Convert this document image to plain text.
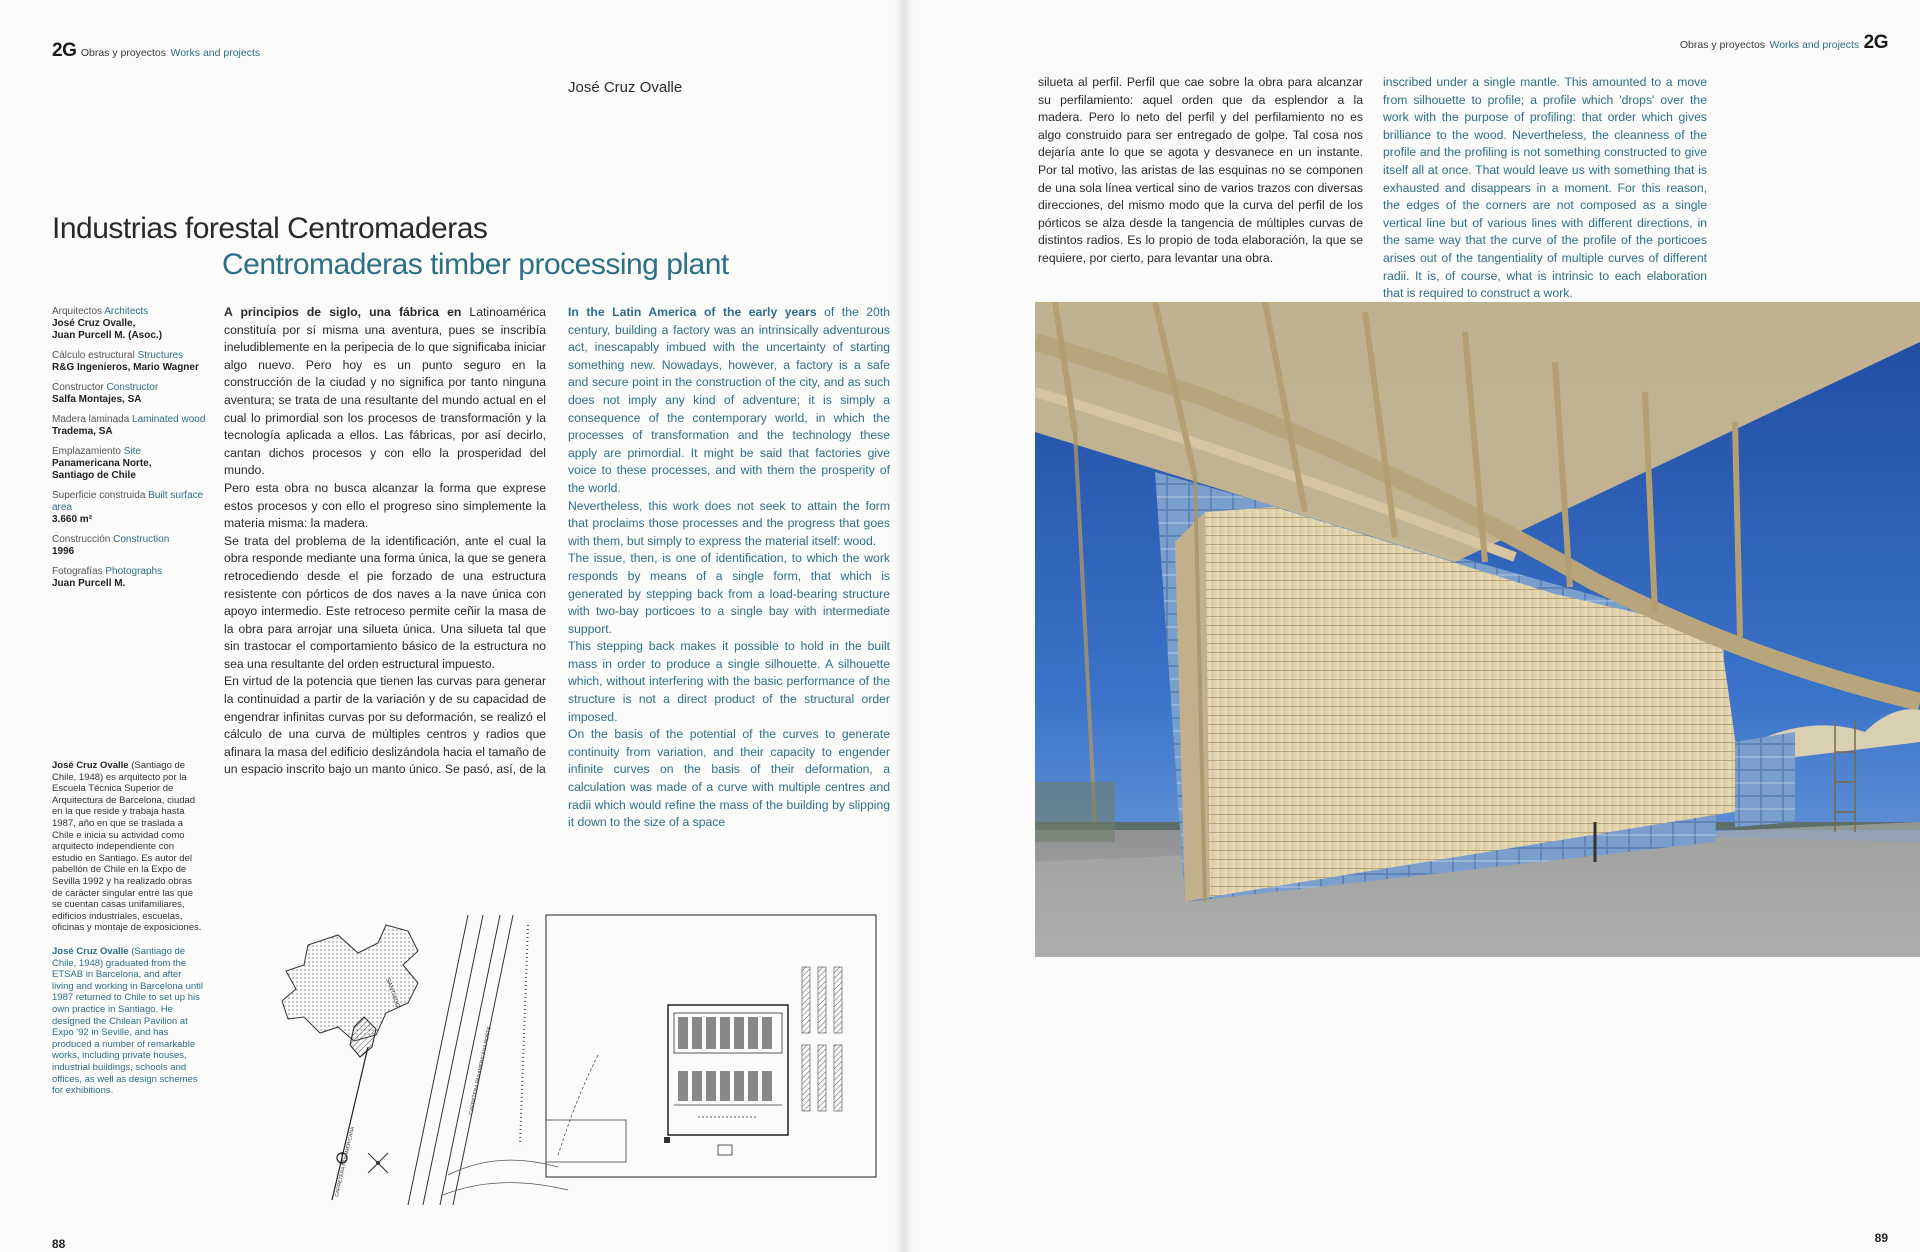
2G Obras y proyectos Works and projects
José Cruz Ovalle
Industrias forestal Centromaderas
Centromaderas timber processing plant
Arquitectos Architects
José Cruz Ovalle,
Juan Purcell M. (Asoc.)
Cálculo estructural Structures
R&G Ingenieros, Mario Wagner
Constructor Constructor
Salfa Montajes, SA
Madera laminada Laminated wood
Tradema, SA
Emplazamiento Site
Panamericana Norte,
Santiago de Chile
Superficie construida Built surface area
3.660 m²
Construcción Construction
1996
Fotografías Photographs
Juan Purcell M.
José Cruz Ovalle (Santiago de Chile, 1948) es arquitecto por la Escuela Técnica Superior de Arquitectura de Barcelona, ciudad en la que reside y trabaja hasta 1987, año en que se traslada a Chile e inicia su actividad como arquitecto independiente con estudio en Santiago. Es autor del pabellón de Chile en la Expo de Sevilla 1992 y ha realizado obras de carácter singular entre las que se cuentan casas unifamiliares, edificios industriales, escuelas, oficinas y montaje de exposiciones.
José Cruz Ovalle (Santiago de Chile, 1948) graduated from the ETSAB in Barcelona, and after living and working in Barcelona until 1987 returned to Chile to set up his own practice in Santiago. He designed the Chilean Pavilion at Expo '92 in Seville, and has produced a number of remarkable works, including private houses, industrial buildings, schools and offices, as well as design schemes for exhibitions.

A principios de siglo, una fábrica en Latinoamérica constituía por sí misma una aventura, pues se inscribía ineludiblemente en la peripecia de lo que significaba iniciar algo nuevo. Pero hoy es un punto seguro en la construcción de la ciudad y no significa por tanto ninguna aventura; se trata de una resultante del mundo actual en el cual lo primordial son los procesos de transformación y la tecnología aplicada a ellos. Las fábricas, por así decirlo, cantan dichos procesos y con ello la prosperidad del mundo.

Pero esta obra no busca alcanzar la forma que exprese estos procesos y con ello el progreso sino simplemente la materia misma: la madera.

Se trata del problema de la identificación, ante el cual la obra responde mediante una forma única, la que se genera retrocediendo desde el pie forzado de una estructura resistente con pórticos de dos naves a la nave única con apoyo intermedio. Este retroceso permite ceñir la masa de la obra para arrojar una silueta única. Una silueta tal que sin trastocar el comportamiento básico de la estructura no sea una resultante del orden estructural impuesto.

En virtud de la potencia que tienen las curvas para generar la continuidad a partir de la variación y de su capacidad de engendrar infinitas curvas por su deformación, se realizó el cálculo de una curva de múltiples centros y radios que afinara la masa del edificio deslizándola hacia el tamaño de un espacio inscrito bajo un manto único. Se pasó, así, de la

In the Latin America of the early years of the 20th century, building a factory was an intrinsically adventurous act, inescapably imbued with the uncertainty of starting something new. Nowadays, however, a factory is a safe and secure point in the construction of the city, and as such does not imply any kind of adventure; it is simply a consequence of the contemporary world, in which the processes of transformation and the technology these apply are primordial. It might be said that factories give voice to these processes, and with them the prosperity of the world.

Nevertheless, this work does not seek to attain the form that proclaims those processes and the progress that goes with them, but simply to express the material itself: wood.

The issue, then, is one of identification, to which the work responds by means of a single form, that which is generated by stepping back from a load-bearing structure with two-bay porticoes to a single bay with intermediate support.

This stepping back makes it possible to hold in the built mass in order to produce a single silhouette. A silhouette which, without interfering with the basic performance of the structure is not a direct product of the structural order imposed.

On the basis of the potential of the curves to generate continuity from variation, and their capacity to engender infinite curves on the basis of their deformation, a calculation was made of a curve with multiple centres and radii which would refine the mass of the building by slipping it down to the size of a space

SANTIAGO
CARRETERA PANAMERICANA
CARRETERA PANAMERICANA NORTE
88
Obras y proyectos Works and projects 2G

silueta al perfil. Perfil que cae sobre la obra para alcanzar su perfilamiento: aquel orden que da esplendor a la madera. Pero lo neto del perfil y del perfilamiento no es algo construido para ser entregado de golpe. Tal cosa nos dejaría ante lo que se agota y desvanece en un instante. Por tal motivo, las aristas de las esquinas no se componen de una sola línea vertical sino de varios trazos con diversas direcciones, del mismo modo que la curva del perfil de los pórticos se alza desde la tangencia de múltiples curvas de distintos radios. Es lo propio de toda elaboración, la que se requiere, por cierto, para levantar una obra.

inscribed under a single mantle. This amounted to a move from silhouette to profile; a profile which 'drops' over the work with the purpose of profiling: that order which gives brilliance to the wood. Nevertheless, the cleanness of the profile and the profiling is not something constructed to give itself all at once. That would leave us with something that is exhausted and disappears in a moment. For this reason, the edges of the corners are not composed as a single vertical line but of various lines with different directions, in the same way that the curve of the profile of the porticoes arises out of the tangentiality of multiple curves of different radii. It is, of course, what is intrinsic to each elaboration that is required to construct a work.

89
